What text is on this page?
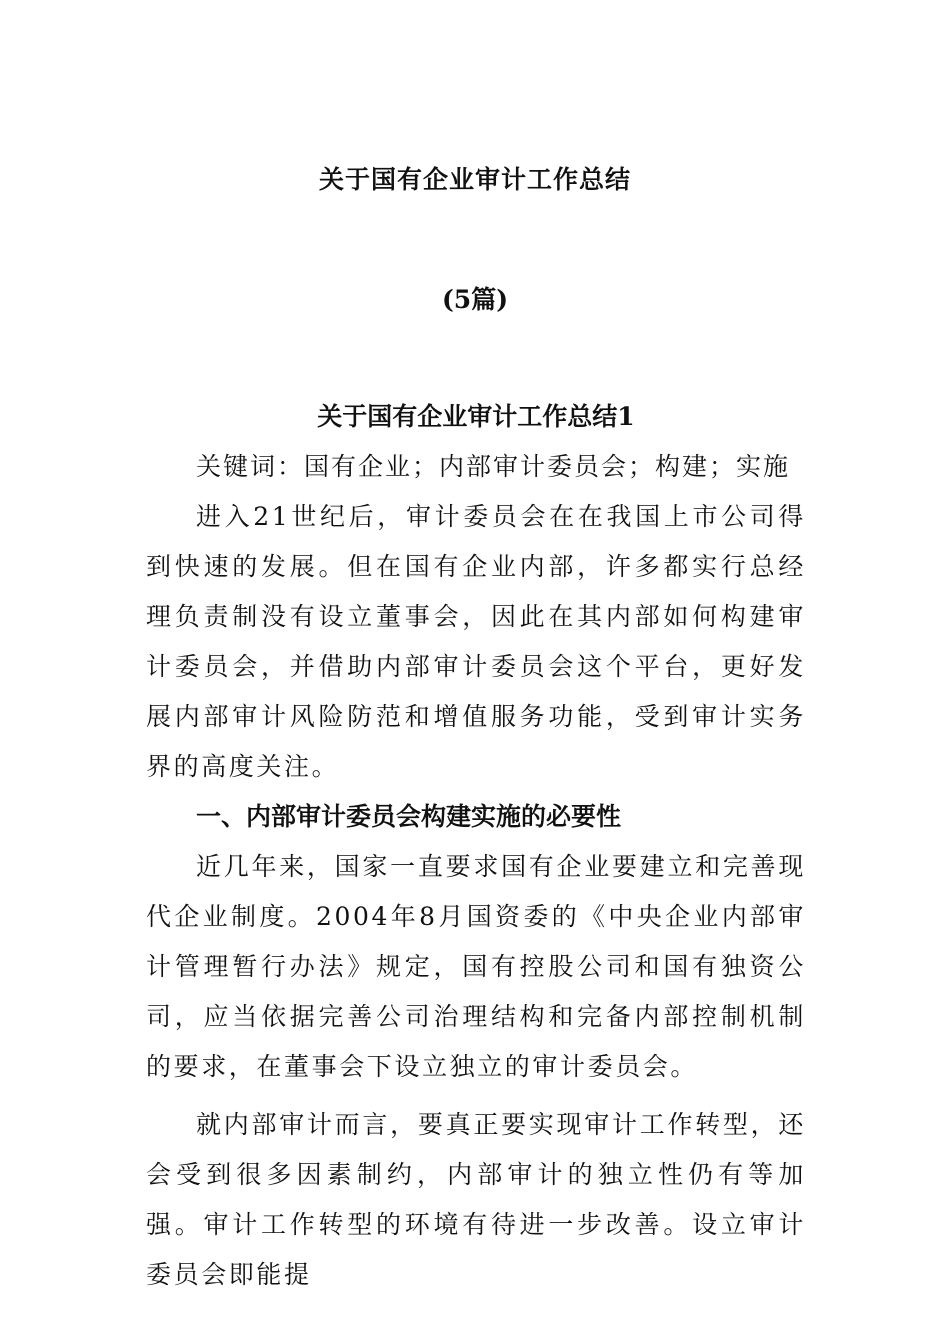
关于国有企业审计工作总结
(5篇)

关于国有企业审计工作总结1

关键词：国有企业；内部审计委员会；构建；实施

进入21世纪后，审计委员会在在我国上市公司得到快速的发展。但在国有企业内部，许多都实行总经理负责制没有设立董事会，因此在其内部如何构建审计委员会，并借助内部审计委员会这个平台，更好发展内部审计风险防范和增值服务功能，受到审计实务界的高度关注。

一、内部审计委员会构建实施的必要性

近几年来，国家一直要求国有企业要建立和完善现代企业制度。2004年8月国资委的《中央企业内部审计管理暂行办法》规定，国有控股公司和国有独资公司，应当依据完善公司治理结构和完备内部控制机制的要求，在董事会下设立独立的审计委员会。

就内部审计而言，要真正要实现审计工作转型，还会受到很多因素制约，内部审计的独立性仍有等加强。审计工作转型的环境有待进一步改善。设立审计委员会即能提
